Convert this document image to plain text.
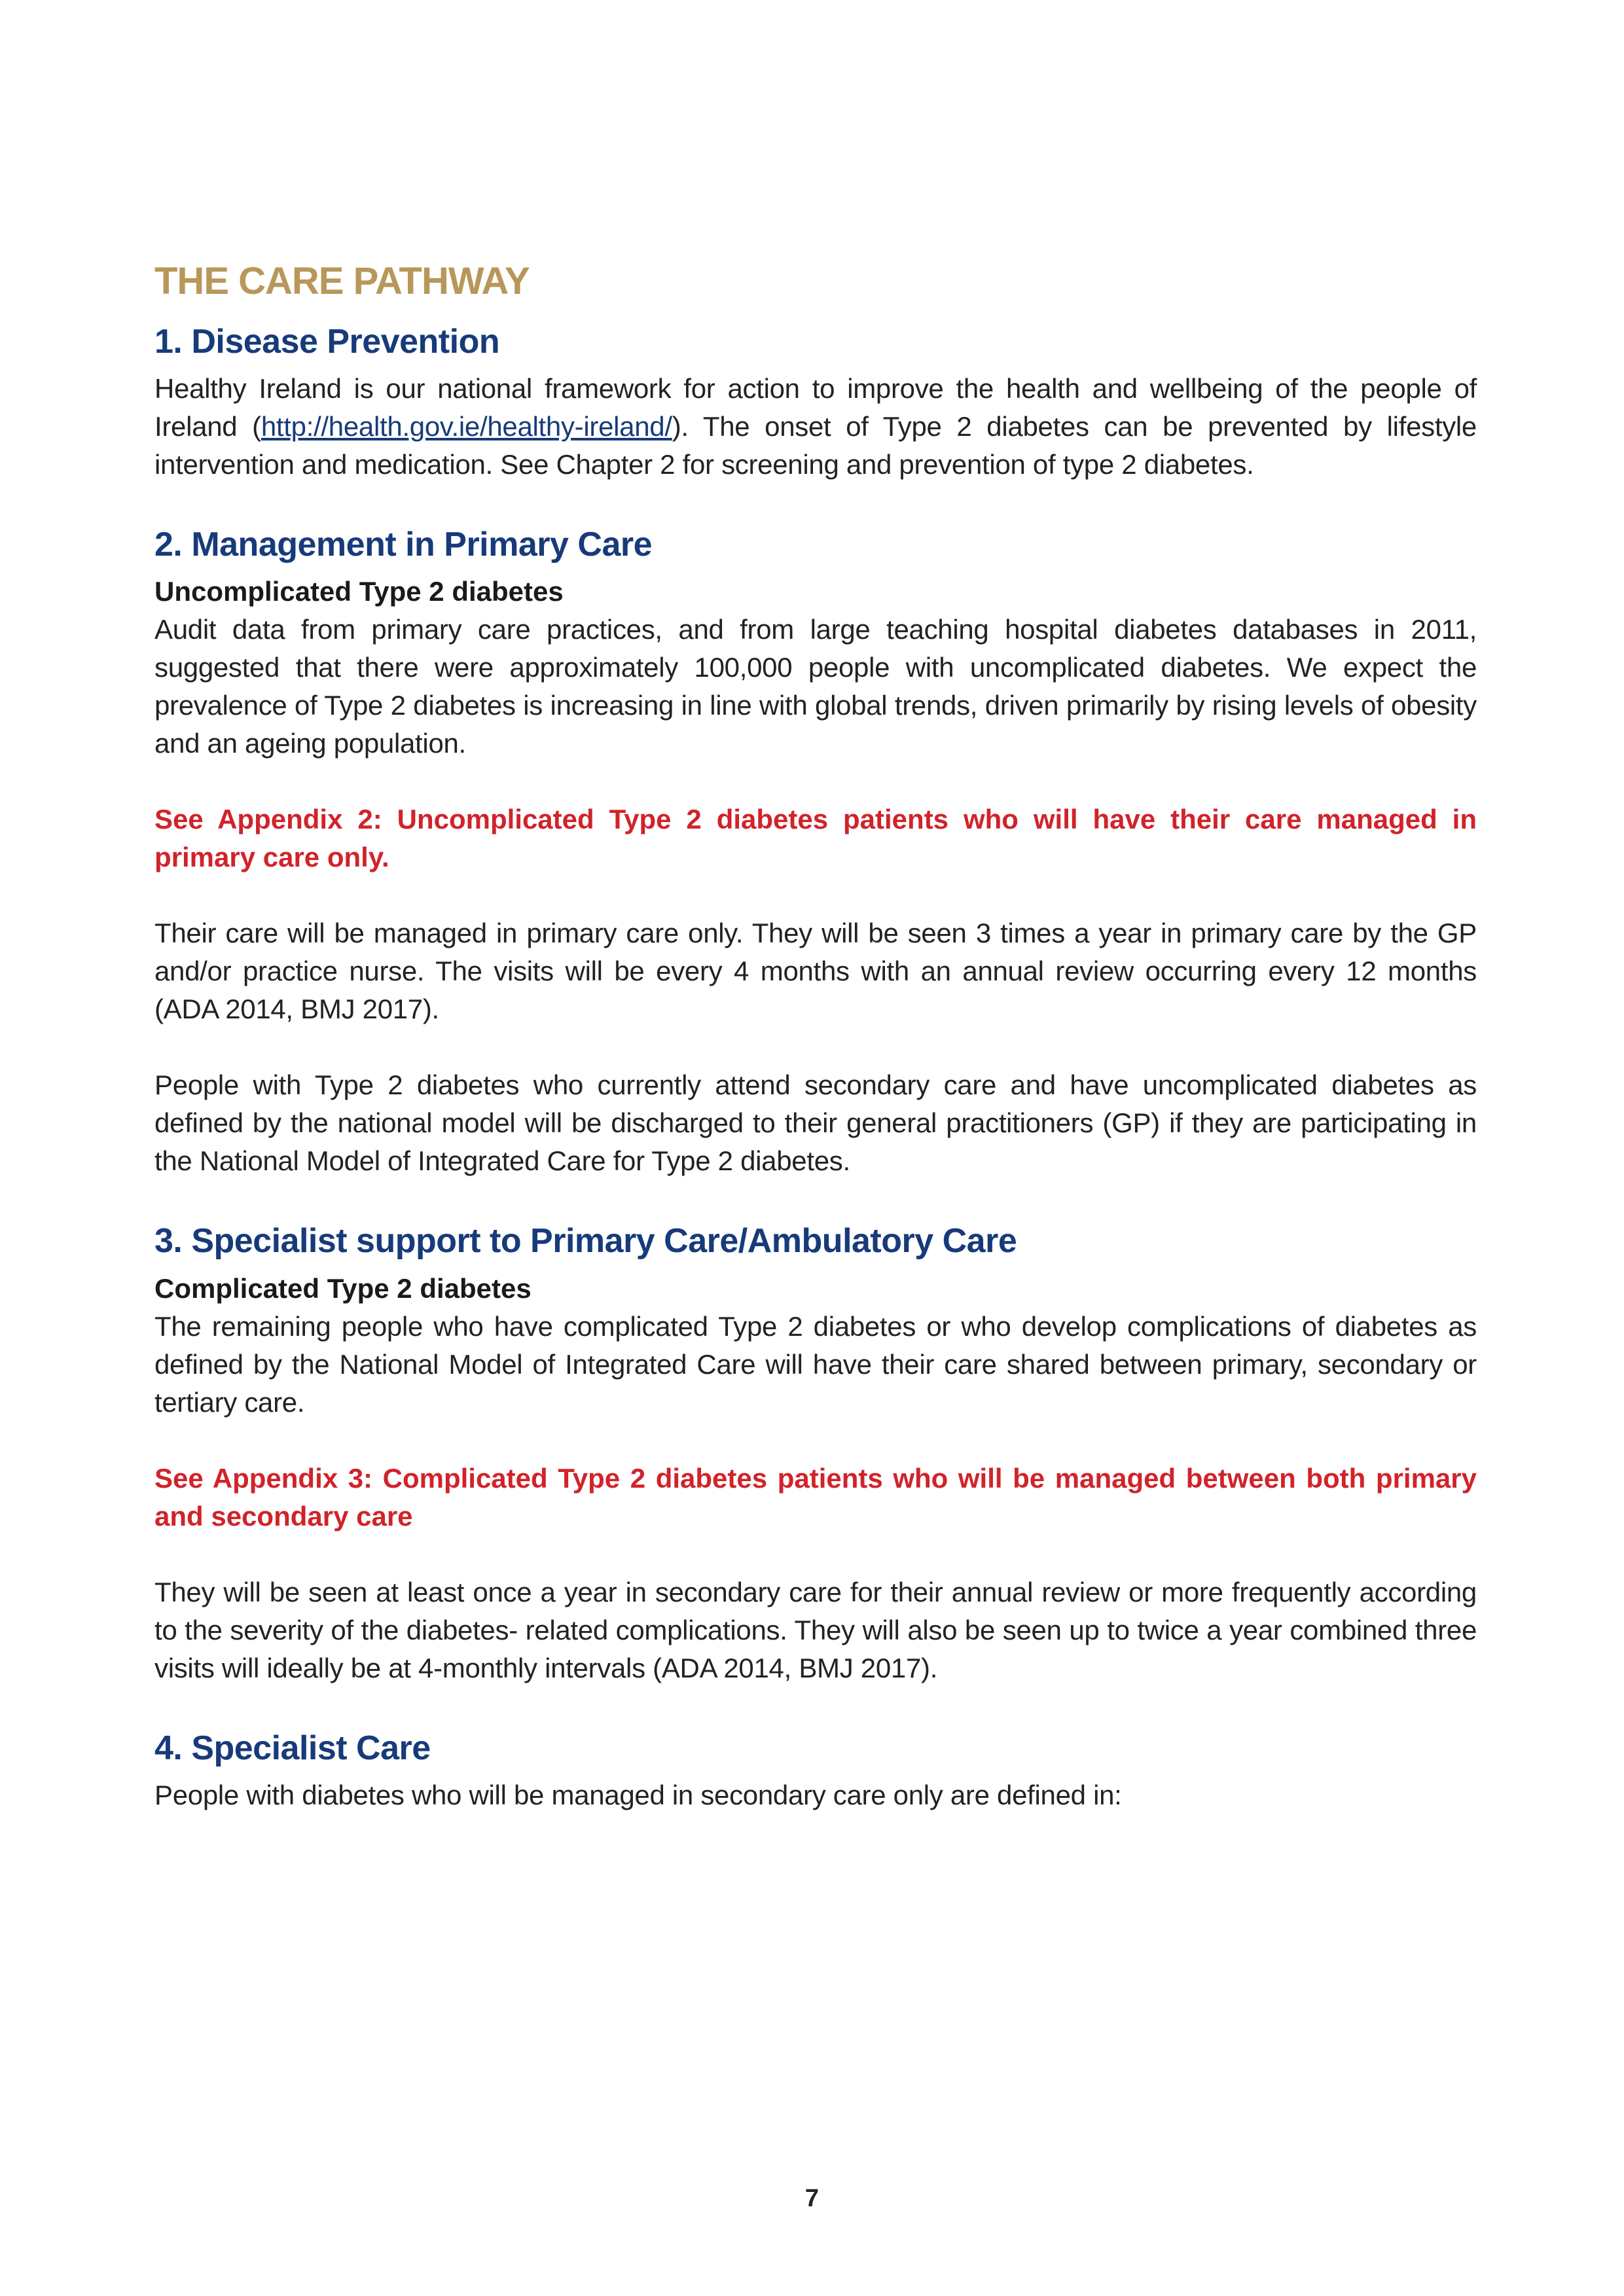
THE CARE PATHWAY
1. Disease Prevention

Healthy Ireland is our national framework for action to improve the health and wellbeing of the people of Ireland (http://health.gov.ie/healthy-ireland/). The onset of Type 2 diabetes can be prevented by lifestyle intervention and medication. See Chapter 2 for screening and prevention of type 2 diabetes.

2. Management in Primary Care

Uncomplicated Type 2 diabetes

Audit data from primary care practices, and from large teaching hospital diabetes databases in 2011, suggested that there were approximately 100,000 people with uncomplicated diabetes. We expect the prevalence of Type 2 diabetes is increasing in line with global trends, driven primarily by rising levels of obesity and an ageing population.

See Appendix 2: Uncomplicated Type 2 diabetes patients who will have their care managed in primary care only.

Their care will be managed in primary care only. They will be seen 3 times a year in primary care by the GP and/or practice nurse. The visits will be every 4 months with an annual review occurring every 12 months (ADA 2014, BMJ 2017).

People with Type 2 diabetes who currently attend secondary care and have uncomplicated diabetes as defined by the national model will be discharged to their general practitioners (GP) if they are participating in the National Model of Integrated Care for Type 2 diabetes.

3. Specialist support to Primary Care/Ambulatory Care

Complicated Type 2 diabetes

The remaining people who have complicated Type 2 diabetes or who develop complications of diabetes as defined by the National Model of Integrated Care will have their care shared between primary, secondary or tertiary care.

See Appendix 3: Complicated Type 2 diabetes patients who will be managed between both primary and secondary care

They will be seen at least once a year in secondary care for their annual review or more frequently according to the severity of the diabetes- related complications. They will also be seen up to twice a year combined three visits will ideally be at 4-monthly intervals (ADA 2014, BMJ 2017).

4. Specialist Care

People with diabetes who will be managed in secondary care only are defined in:

7
